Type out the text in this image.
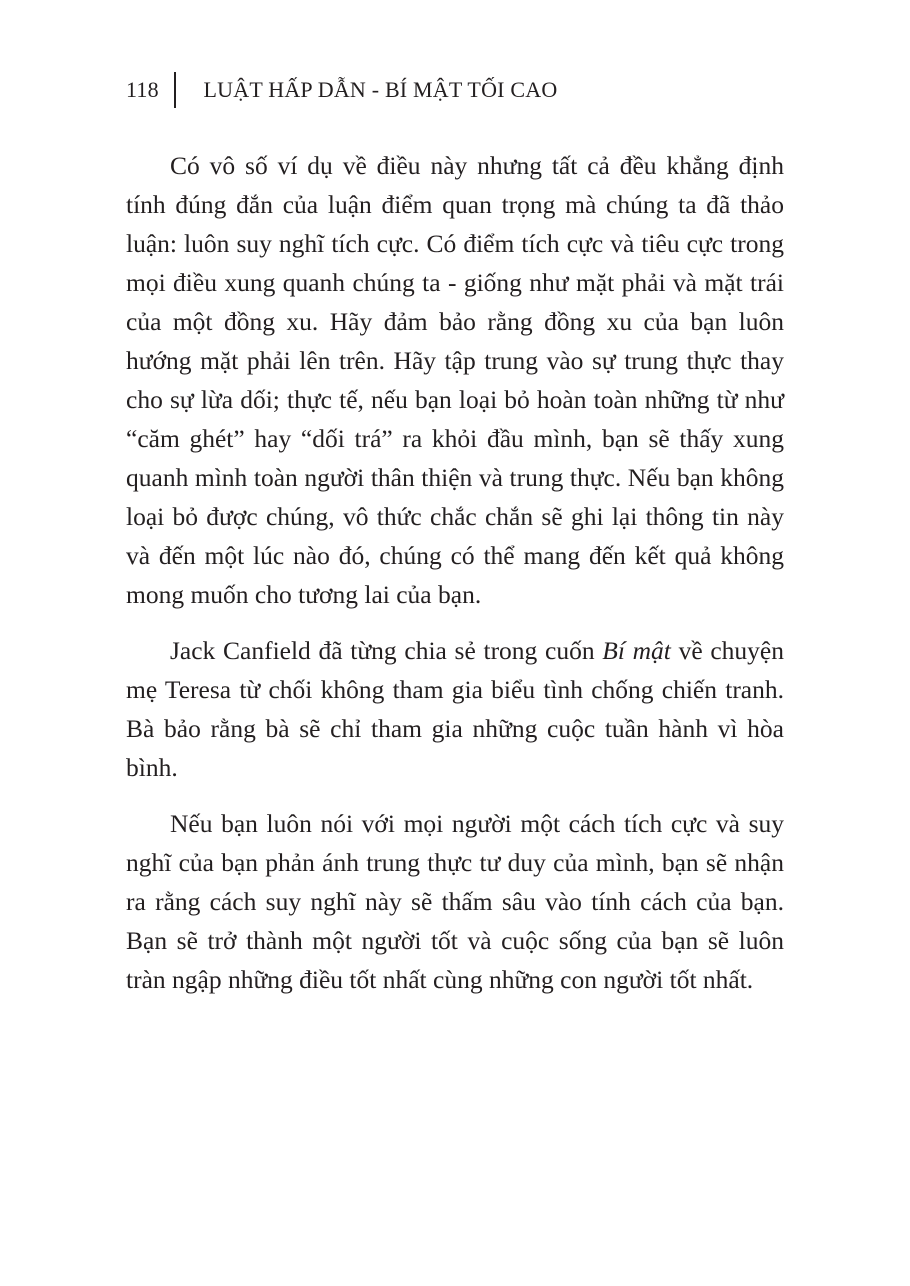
118	LUẬT HẤP DẪN - BÍ MẬT TỐI CAO

Có vô số ví dụ về điều này nhưng tất cả đều khẳng định tính đúng đắn của luận điểm quan trọng mà chúng ta đã thảo luận: luôn suy nghĩ tích cực. Có điểm tích cực và tiêu cực trong mọi điều xung quanh chúng ta - giống như mặt phải và mặt trái của một đồng xu. Hãy đảm bảo rằng đồng xu của bạn luôn hướng mặt phải lên trên. Hãy tập trung vào sự trung thực thay cho sự lừa dối; thực tế, nếu bạn loại bỏ hoàn toàn những từ như “căm ghét” hay “dối trá” ra khỏi đầu mình, bạn sẽ thấy xung quanh mình toàn người thân thiện và trung thực. Nếu bạn không loại bỏ được chúng, vô thức chắc chắn sẽ ghi lại thông tin này và đến một lúc nào đó, chúng có thể mang đến kết quả không mong muốn cho tương lai của bạn.

Jack Canfield đã từng chia sẻ trong cuốn Bí mật về chuyện mẹ Teresa từ chối không tham gia biểu tình chống chiến tranh. Bà bảo rằng bà sẽ chỉ tham gia những cuộc tuần hành vì hòa bình.

Nếu bạn luôn nói với mọi người một cách tích cực và suy nghĩ của bạn phản ánh trung thực tư duy của mình, bạn sẽ nhận ra rằng cách suy nghĩ này sẽ thấm sâu vào tính cách của bạn. Bạn sẽ trở thành một người tốt và cuộc sống của bạn sẽ luôn tràn ngập những điều tốt nhất cùng những con người tốt nhất.
